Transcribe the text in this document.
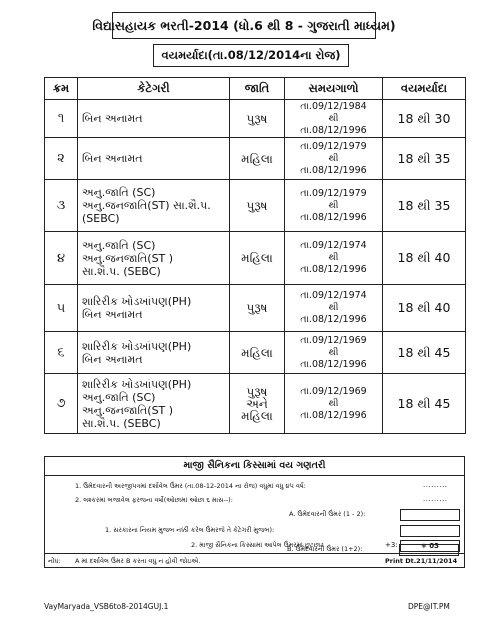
વિદ્યાસહાયક ભરતી-2014 (ધો.6 થી 8 - ગુજરાતી માધ્યમ)
વયમર્યાદા(તા.08/12/2014ના રોજ)
ક્રમ	કેટેગરી	જાતિ	સમયગાળો	વયમર્યાદા
૧	બિન અનામત	પુરૂષ	તા.09/12/1984
થી
તા.08/12/1996	18 થી 30
૨	બિન અનામત	મહિલા	તા.09/12/1979
થી
તા.08/12/1996	18 થી 35
૩	અનુ.જાતિ (SC)
અનુ.જનજાતિ(ST) સા.શૈ.પ.
(SEBC)	પુરૂષ	તા.09/12/1979
થી
તા.08/12/1996	18 થી 35
૪	અનુ.જાતિ (SC)
અનુ.જનજાતિ(ST )
સા.શૈ.પ. (SEBC)	મહિલા	તા.09/12/1974
થી
તા.08/12/1996	18 થી 40
૫	શારિરીક ખોડખાંપણ(PH)
બિન અનામત	પુરૂષ	તા.09/12/1974
થી
તા.08/12/1996	18 થી 40
૬	શારિરીક ખોડખાંપણ(PH)
બિન અનામત	મહિલા	તા.09/12/1969
થી
તા.08/12/1996	18 થી 45
૭	શારિરીક ખોડખાંપણ(PH)
અનુ.જાતિ (SC)
અનુ.જનજાતિ(ST )
સા.શૈ.પ. (SEBC)	પુરૂષ
અને
મહિલા	તા.09/12/1969
થી
તા.08/12/1996	18 થી 45
માજી સૈનિકના કિસ્સામાં વય ગણતરી
1. ઉમેદવારની અરજીપત્રમાં દર્શાવેલ ઉંમર (તા.08-12-2014 ના રોજ) વધુમાં વધુ ૪૫ વર્ષ:	.........
2. લશ્કરમાં બજાવેલ ફરજના વર્ષો(ઓછામાં ઓછા ૬ માસ--):	.........
A. ઉમેદવારની ઉંમર (1 - 2):
1. સરકારના નિયમ મુજબ નક્કી કરેલ ઉંમરજે તે કેટેગરી મુજબ):
2. માજી સૈનિકના કિસ્સામાં આપેલ ઉંમરમાં છુટછાટ	+3:	+ 03
નોંધ: A માં દર્શાવેલ ઉંમર B કરતા વધુ ન હોવી જોઇએ.	Print Dt.21/11/2014
B. ઉમેદવારની ઉંમર (1+2):
VayMaryada_VSB6to8-2014GUJ.1	DPE@IT.PM
